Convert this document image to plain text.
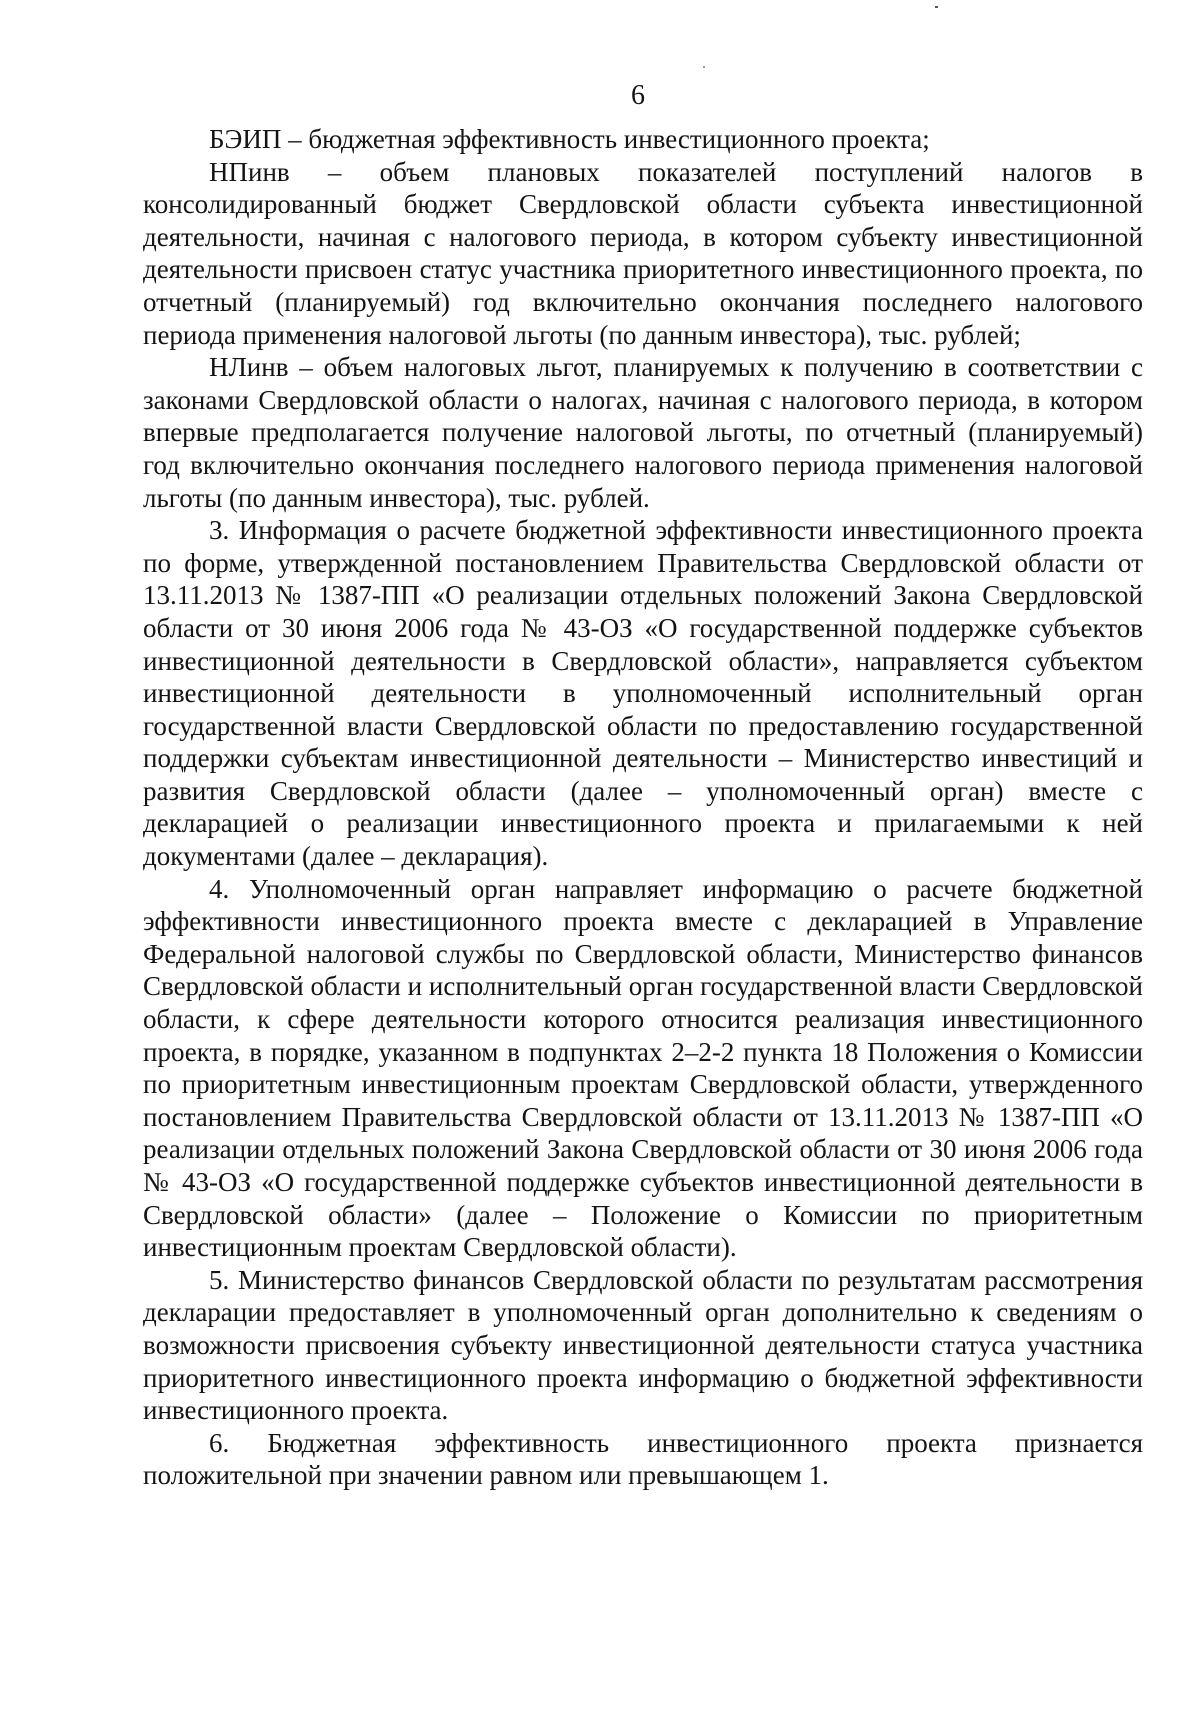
6

БЭИП – бюджетная эффективность инвестиционного проекта;

НПинв – объем плановых показателей поступлений налогов в консолидированный бюджет Свердловской области субъекта инвестиционной деятельности, начиная с налогового периода, в котором субъекту инвестиционной деятельности присвоен статус участника приоритетного инвестиционного проекта, по отчетный (планируемый) год включительно окончания последнего налогового периода применения налоговой льготы (по данным инвестора), тыс. рублей;

НЛинв – объем налоговых льгот, планируемых к получению в соответствии с законами Свердловской области о налогах, начиная с налогового периода, в котором впервые предполагается получение налоговой льготы, по отчетный (планируемый) год включительно окончания последнего налогового периода применения налоговой льготы (по данным инвестора), тыс. рублей.

3. Информация о расчете бюджетной эффективности инвестиционного проекта по форме, утвержденной постановлением Правительства Свердловской области от 13.11.2013 № 1387-ПП «О реализации отдельных положений Закона Свердловской области от 30 июня 2006 года № 43-ОЗ «О государственной поддержке субъектов инвестиционной деятельности в Свердловской области», направляется субъектом инвестиционной деятельности в уполномоченный исполнительный орган государственной власти Свердловской области по предоставлению государственной поддержки субъектам инвестиционной деятельности – Министерство инвестиций и развития Свердловской области (далее – уполномоченный орган) вместе с декларацией о реализации инвестиционного проекта и прилагаемыми к ней документами (далее – декларация).

4. Уполномоченный орган направляет информацию о расчете бюджетной эффективности инвестиционного проекта вместе с декларацией в Управление Федеральной налоговой службы по Свердловской области, Министерство финансов Свердловской области и исполнительный орган государственной власти Свердловской области, к сфере деятельности которого относится реализация инвестиционного проекта, в порядке, указанном в подпунктах 2–2-2 пункта 18 Положения о Комиссии по приоритетным инвестиционным проектам Свердловской области, утвержденного постановлением Правительства Свердловской области от 13.11.2013 № 1387-ПП «О реализации отдельных положений Закона Свердловской области от 30 июня 2006 года № 43-ОЗ «О государственной поддержке субъектов инвестиционной деятельности в Свердловской области» (далее – Положение о Комиссии по приоритетным инвестиционным проектам Свердловской области).

5. Министерство финансов Свердловской области по результатам рассмотрения декларации предоставляет в уполномоченный орган дополнительно к сведениям о возможности присвоения субъекту инвестиционной деятельности статуса участника приоритетного инвестиционного проекта информацию о бюджетной эффективности инвестиционного проекта.

6. Бюджетная эффективность инвестиционного проекта признается положительной при значении равном или превышающем 1.
